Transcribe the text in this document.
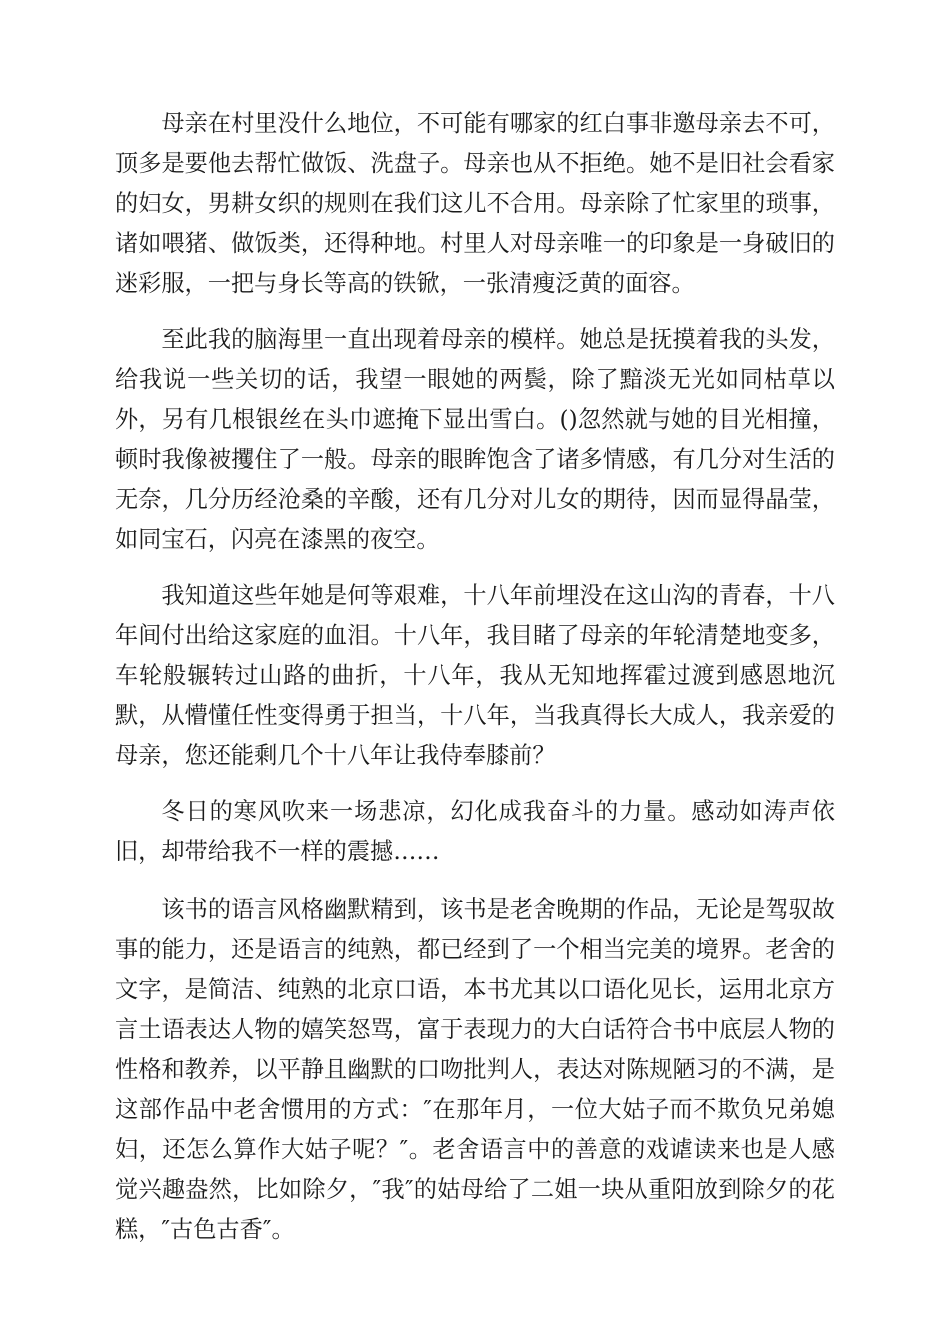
母亲在村里没什么地位，不可能有哪家的红白事非邀母亲去不可，顶多是要他去帮忙做饭、洗盘子。母亲也从不拒绝。她不是旧社会看家的妇女，男耕女织的规则在我们这儿不合用。母亲除了忙家里的琐事，诸如喂猪、做饭类，还得种地。村里人对母亲唯一的印象是一身破旧的迷彩服，一把与身长等高的铁锨，一张清瘦泛黄的面容。

至此我的脑海里一直出现着母亲的模样。她总是抚摸着我的头发，给我说一些关切的话，我望一眼她的两鬓，除了黯淡无光如同枯草以外，另有几根银丝在头巾遮掩下显出雪白。()忽然就与她的目光相撞，顿时我像被攫住了一般。母亲的眼眸饱含了诸多情感，有几分对生活的无奈，几分历经沧桑的辛酸，还有几分对儿女的期待，因而显得晶莹，如同宝石，闪亮在漆黑的夜空。

我知道这些年她是何等艰难，十八年前埋没在这山沟的青春，十八年间付出给这家庭的血泪。十八年，我目睹了母亲的年轮清楚地变多，车轮般辗转过山路的曲折，十八年，我从无知地挥霍过渡到感恩地沉默，从懵懂任性变得勇于担当，十八年，当我真得长大成人，我亲爱的母亲，您还能剩几个十八年让我侍奉膝前？

冬日的寒风吹来一场悲凉，幻化成我奋斗的力量。感动如涛声依旧，却带给我不一样的震撼……

该书的语言风格幽默精到，该书是老舍晚期的作品，无论是驾驭故事的能力，还是语言的纯熟，都已经到了一个相当完美的境界。老舍的文字，是简洁、纯熟的北京口语，本书尤其以口语化见长，运用北京方言土语表达人物的嬉笑怒骂，富于表现力的大白话符合书中底层人物的性格和教养，以平静且幽默的口吻批判人，表达对陈规陋习的不满，是这部作品中老舍惯用的方式：″在那年月，一位大姑子而不欺负兄弟媳妇，还怎么算作大姑子呢？″。老舍语言中的善意的戏谑读来也是人感觉兴趣盎然，比如除夕，″我″的姑母给了二姐一块从重阳放到除夕的花糕，″古色古香″。
